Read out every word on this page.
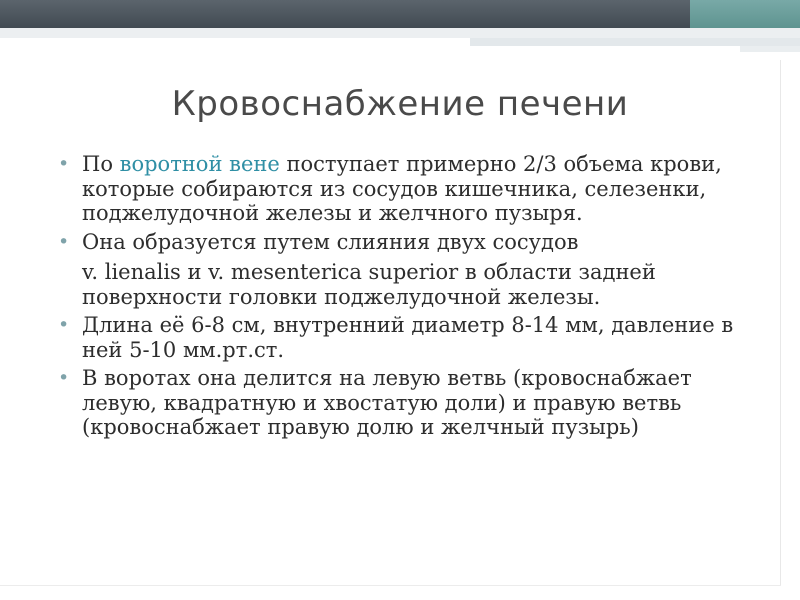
Кровоснабжение печени
• По воротной вене поступает примерно 2/3 объема крови, которые собираются из сосудов кишечника, селезенки, поджелудочной железы и желчного пузыря.
• Она образуется путем слияния двух сосудов
v. lienalis и v. mesenterica superior в области задней поверхности головки поджелудочной железы.
• Длина её 6-8 см, внутренний диаметр 8-14 мм, давление в ней 5-10 мм.рт.ст.
• В воротах она делится на левую ветвь (кровоснабжает левую, квадратную и хвостатую доли) и правую ветвь (кровоснабжает правую долю и желчный пузырь)
